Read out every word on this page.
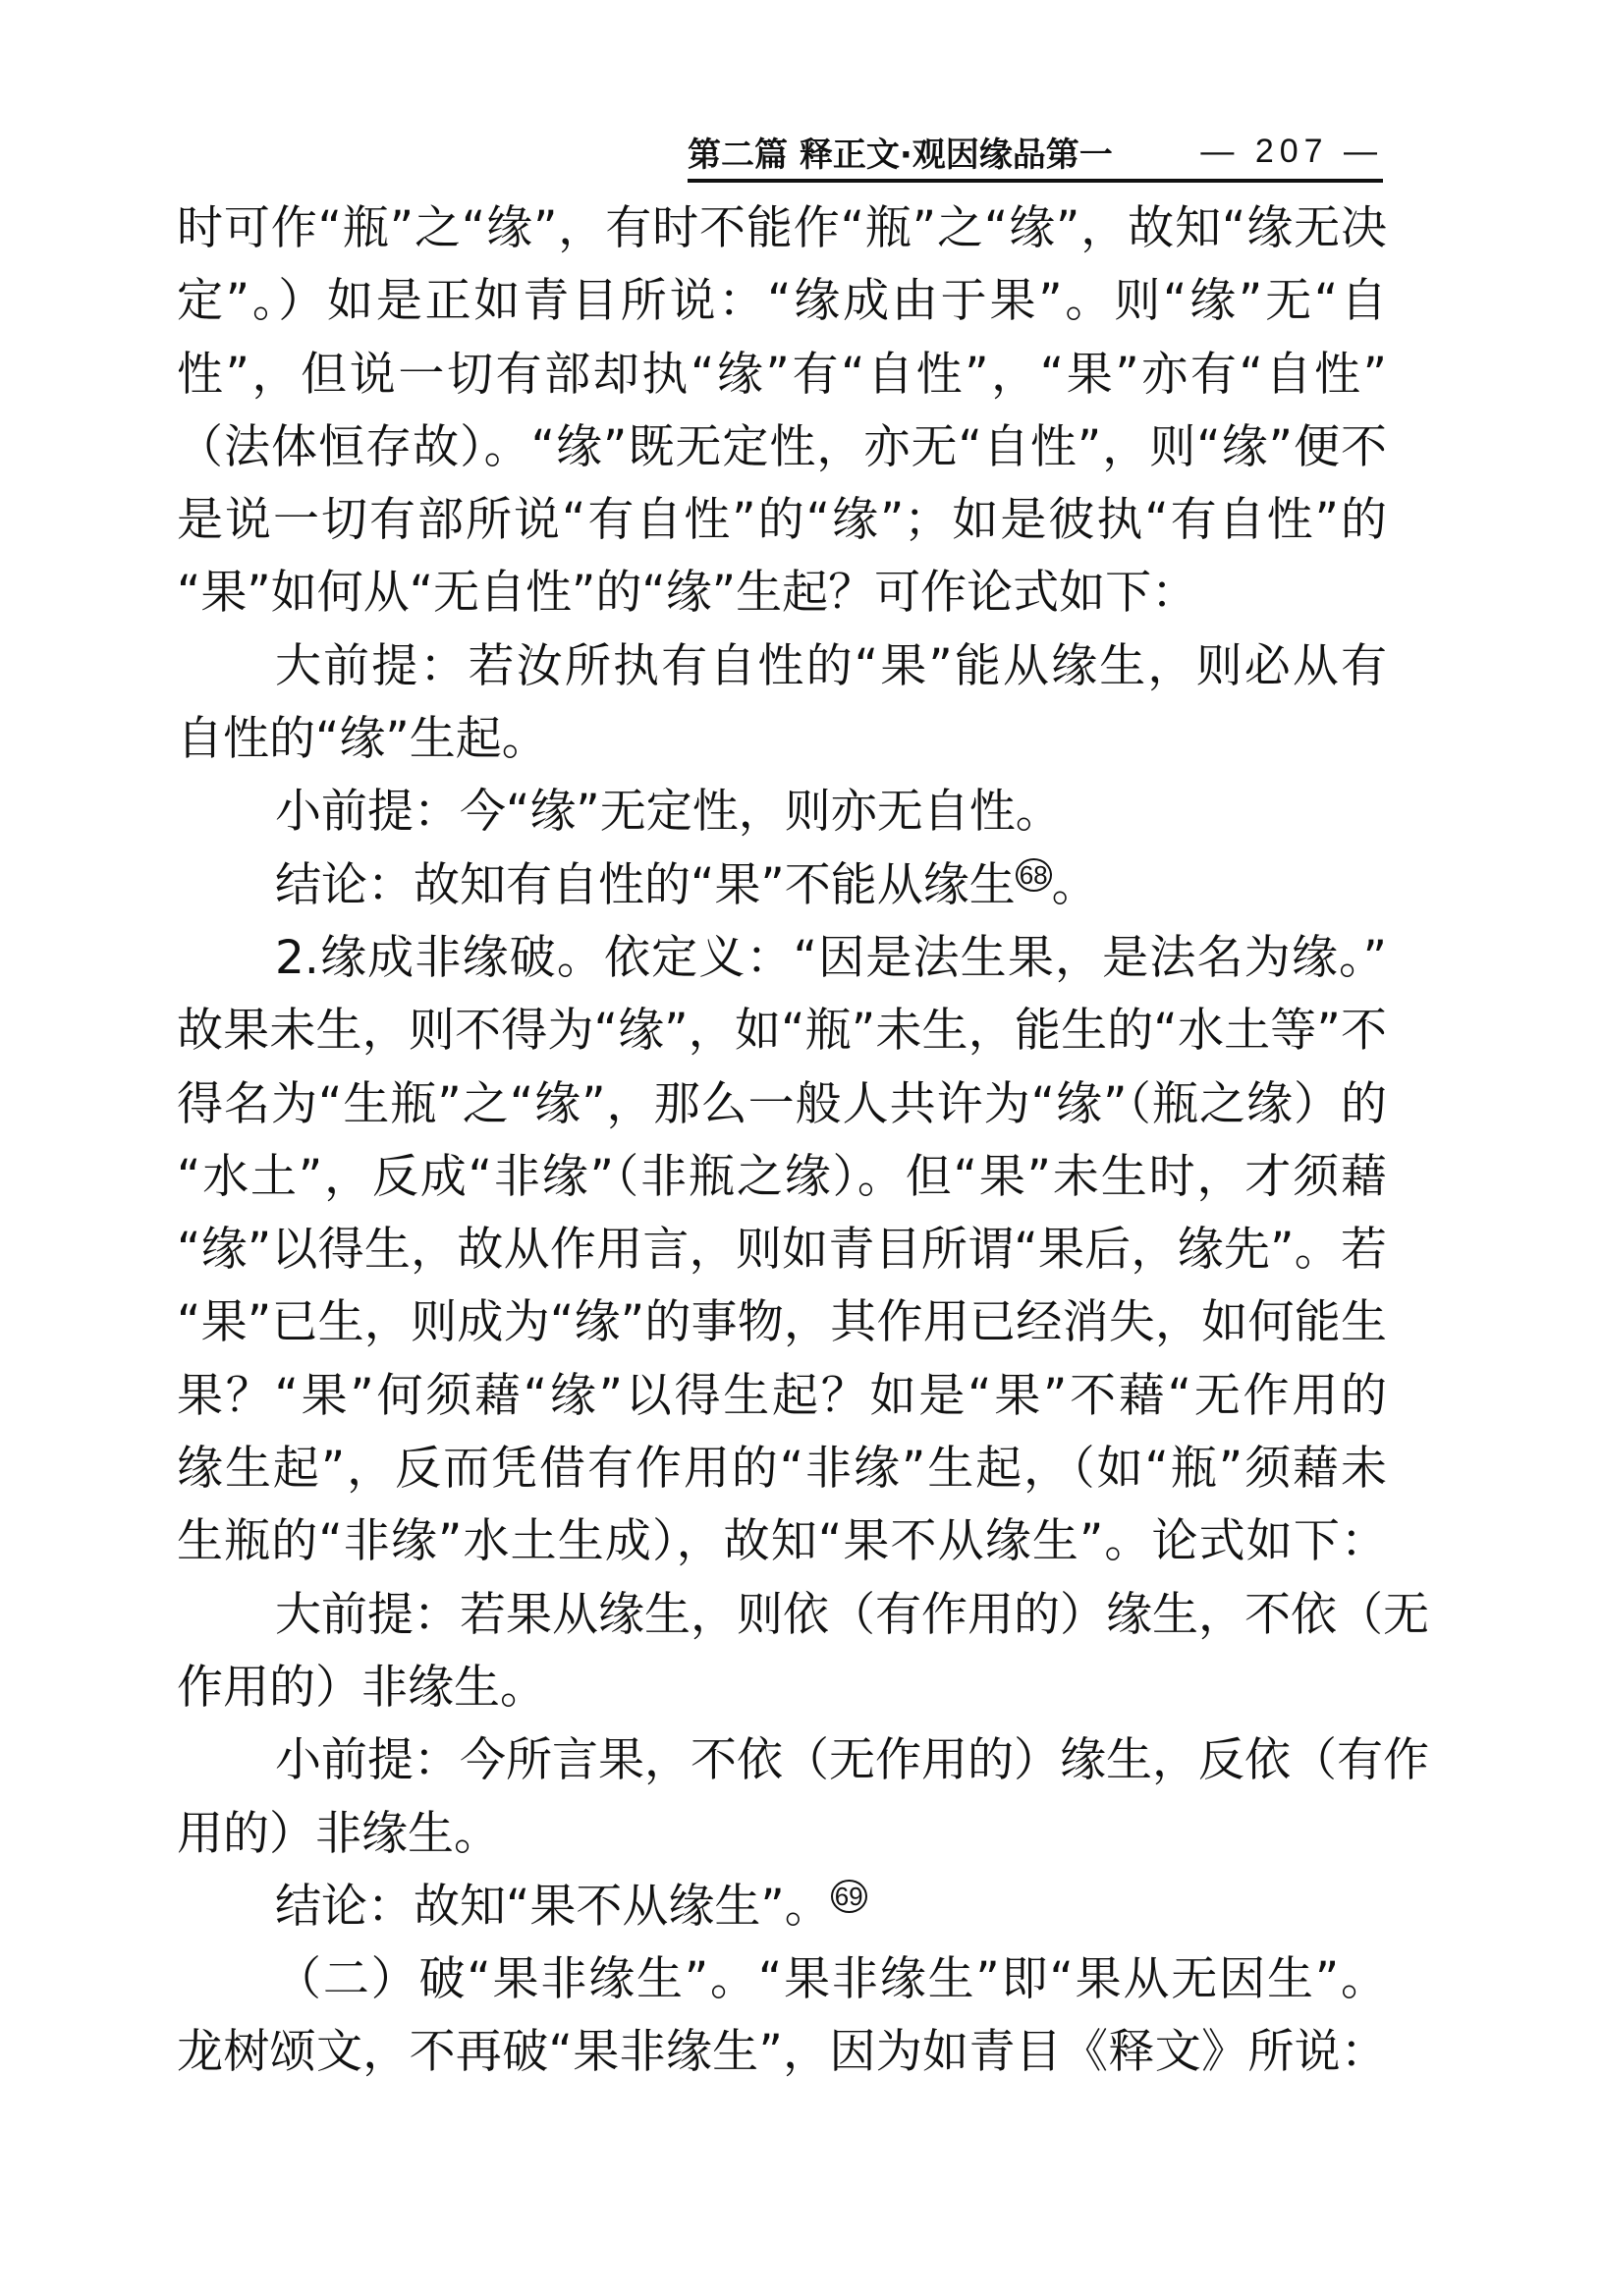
第二篇 释正文·观因缘品第一	— 207 —
时可作“瓶”之“缘”，有时不能作“瓶”之“缘”，故知“缘无决
定”。）如是正如青目所说：“缘成由于果”。则“缘”无“自
性”，但说一切有部却执“缘”有“自性”，“果”亦有“自性”
（法体恒存故）。“缘”既无定性，亦无“自性”，则“缘”便不
是说一切有部所说“有自性”的“缘”；如是彼执“有自性”的
“果”如何从“无自性”的“缘”生起？可作论式如下：
大前提：若汝所执有自性的“果”能从缘生，则必从有
自性的“缘”生起。
小前提：今“缘”无定性，则亦无自性。
结论：故知有自性的“果”不能从缘生 $^{68}$。
2.缘成非缘破。依定义：“因是法生果，是法名为缘。”
故果未生，则不得为“缘”，如“瓶”未生，能生的“水土等”不
得名为“生瓶”之“缘”，那么一般人共许为“缘”（瓶之缘）的
“水土”，反成“非缘”（非瓶之缘）。但“果”未生时，才须藉
“缘”以得生，故从作用言，则如青目所谓“果后，缘先”。若
“果”已生，则成为“缘”的事物，其作用已经消失，如何能生
果？“果”何须藉“缘”以得生起？如是“果”不藉“无作用的
缘生起”，反而凭借有作用的“非缘”生起，（如“瓶”须藉未
生瓶的“非缘”水土生成），故知“果不从缘生”。论式如下：
大前提：若果从缘生，则依（有作用的）缘生，不依（无
作用的）非缘生。
小前提：今所言果，不依（无作用的）缘生，反依（有作
用的）非缘生。
结论：故知“果不从缘生”。 $^{69}$
（二）破“果非缘生”。“果非缘生”即“果从无因生”。
龙树颂文，不再破“果非缘生”，因为如青目《释文》所说：
